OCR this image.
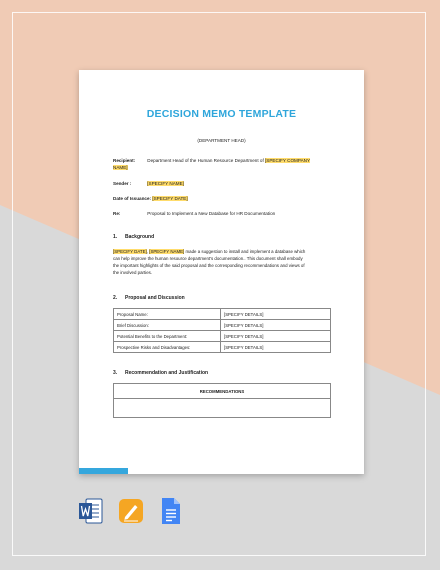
DECISION MEMO TEMPLATE
(DEPARTMENT HEAD)
Recipient:	Department Head of the Human Resource Department of [SPECIFY COMPANY
NAME]
Sender :	[SPECIFY NAME]
Date of Issuance: [SPECIFY DATE]
Re:	Proposal to Implement a New Database for HR Documentation
1. Background
[SPECIFY DATE], [SPECIFY NAME] made a suggestion to install and implement a database which
can help improve the human resource department's documentation.. This document shall embody
the important highlights of the said proposal and the corresponding recommendations and views of
the involved parties.
2. Proposal and Discussion
Proposal Name:	[SPECIFY DETAILS]
Brief Discussion:	[SPECIFY DETAILS]
Potential Benefits to the Department:	[SPECIFY DETAILS]
Prospective Risks and Disadvantages:	[SPECIFY DETAILS]
3. Recommendation and Justification
RECOMMENDATIONS
